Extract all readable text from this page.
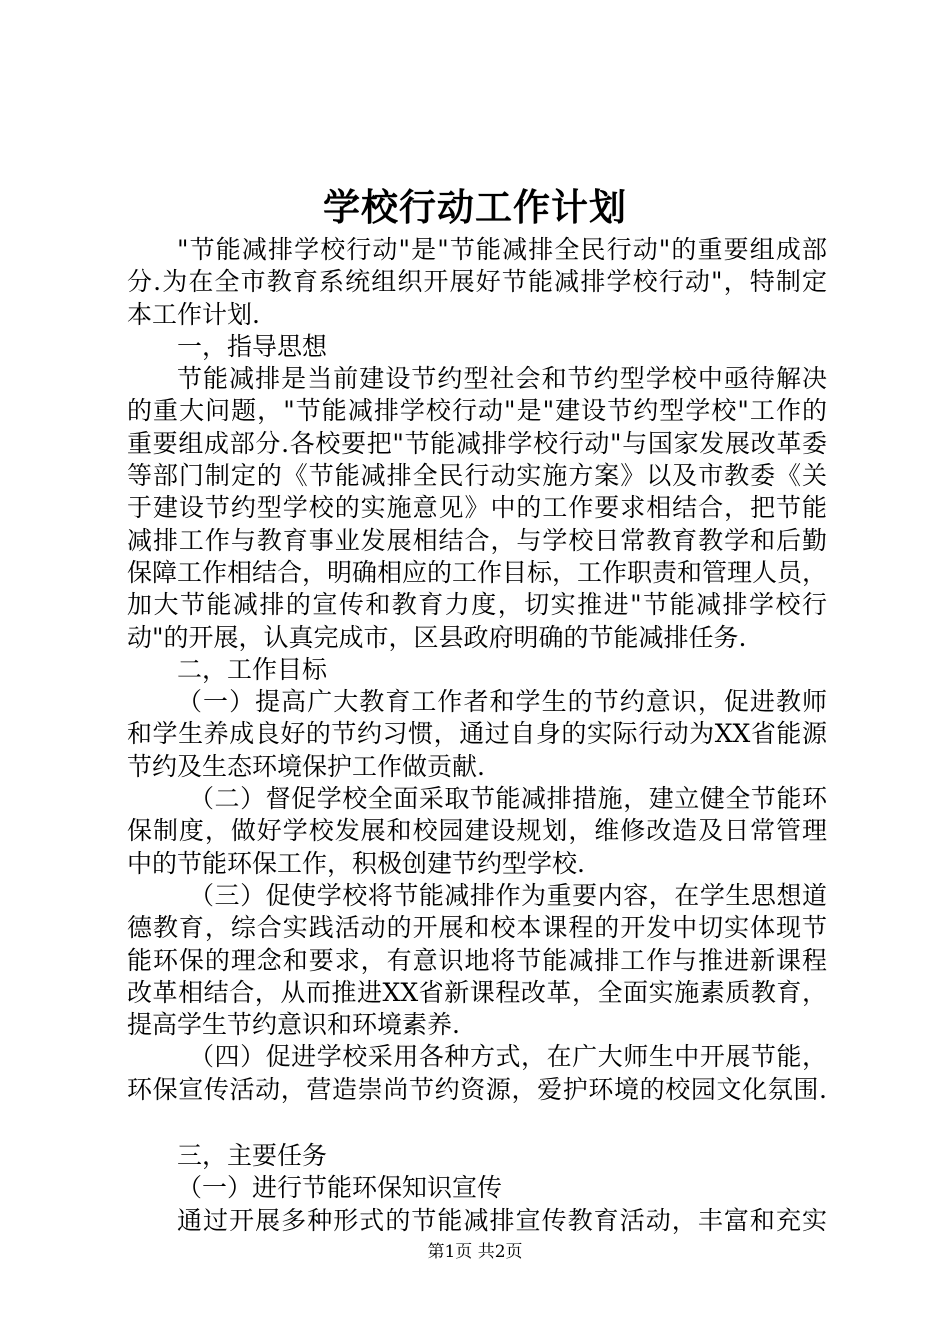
学校行动工作计划
"节能减排学校行动"是"节能减排全民行动"的重要组成部
分.为在全市教育系统组织开展好节能减排学校行动"，特制定
本工作计划.
一，指导思想
节能减排是当前建设节约型社会和节约型学校中亟待解决
的重大问题，"节能减排学校行动"是"建设节约型学校"工作的
重要组成部分.各校要把"节能减排学校行动"与国家发展改革委
等部门制定的《节能减排全民行动实施方案》以及市教委《关
于建设节约型学校的实施意见》中的工作要求相结合，把节能
减排工作与教育事业发展相结合，与学校日常教育教学和后勤
保障工作相结合，明确相应的工作目标，工作职责和管理人员，
加大节能减排的宣传和教育力度，切实推进"节能减排学校行
动"的开展，认真完成市，区县政府明确的节能减排任务.
二，工作目标
（一）提高广大教育工作者和学生的节约意识，促进教师
和学生养成良好的节约习惯，通过自身的实际行动为XX省能源
节约及生态环境保护工作做贡献.
（二）督促学校全面采取节能减排措施，建立健全节能环
保制度，做好学校发展和校园建设规划，维修改造及日常管理
中的节能环保工作，积极创建节约型学校.
（三）促使学校将节能减排作为重要内容，在学生思想道
德教育，综合实践活动的开展和校本课程的开发中切实体现节
能环保的理念和要求，有意识地将节能减排工作与推进新课程
改革相结合，从而推进XX省新课程改革，全面实施素质教育，
提高学生节约意识和环境素养.
（四）促进学校采用各种方式，在广大师生中开展节能，
环保宣传活动，营造崇尚节约资源，爱护环境的校园文化氛围.
三，主要任务
（一）进行节能环保知识宣传
通过开展多种形式的节能减排宣传教育活动，丰富和充实
第1页 共2页
